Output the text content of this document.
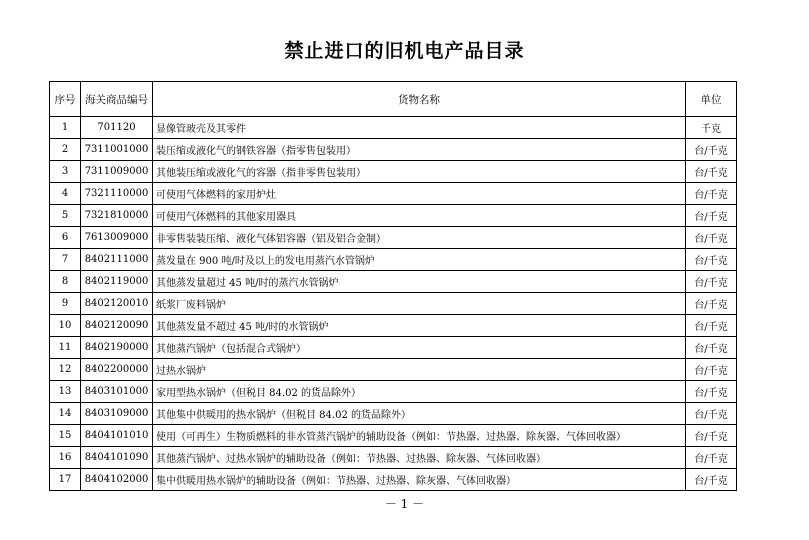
禁止进口的旧机电产品目录
序号	海关商品编号	货物名称	单位
1	701120	显像管玻壳及其零件	千克
2	7311001000	装压缩或液化气的钢铁容器（指零售包装用）	台/千克
3	7311009000	其他装压缩或液化气的容器（指非零售包装用）	台/千克
4	7321110000	可使用气体燃料的家用炉灶	台/千克
5	7321810000	可使用气体燃料的其他家用器具	台/千克
6	7613009000	非零售装装压缩、液化气体铝容器（铝及铝合金制）	台/千克
7	8402111000	蒸发量在 900 吨/时及以上的发电用蒸汽水管锅炉	台/千克
8	8402119000	其他蒸发量超过 45 吨/时的蒸汽水管锅炉	台/千克
9	8402120010	纸浆厂废料锅炉	台/千克
10	8402120090	其他蒸发量不超过 45 吨/时的水管锅炉	台/千克
11	8402190000	其他蒸汽锅炉（包括混合式锅炉）	台/千克
12	8402200000	过热水锅炉	台/千克
13	8403101000	家用型热水锅炉（但税目 84.02 的货品除外）	台/千克
14	8403109000	其他集中供暖用的热水锅炉（但税目 84.02 的货品除外）	台/千克
15	8404101010	使用（可再生）生物质燃料的非水管蒸汽锅炉的辅助设备（例如：节热器、过热器、除灰器、气体回收器）	台/千克
16	8404101090	其他蒸汽锅炉、过热水锅炉的辅助设备（例如：节热器、过热器、除灰器、气体回收器）	台/千克
17	8404102000	集中供暖用热水锅炉的辅助设备（例如：节热器、过热器、除灰器、气体回收器）	台/千克
－ 1 －
